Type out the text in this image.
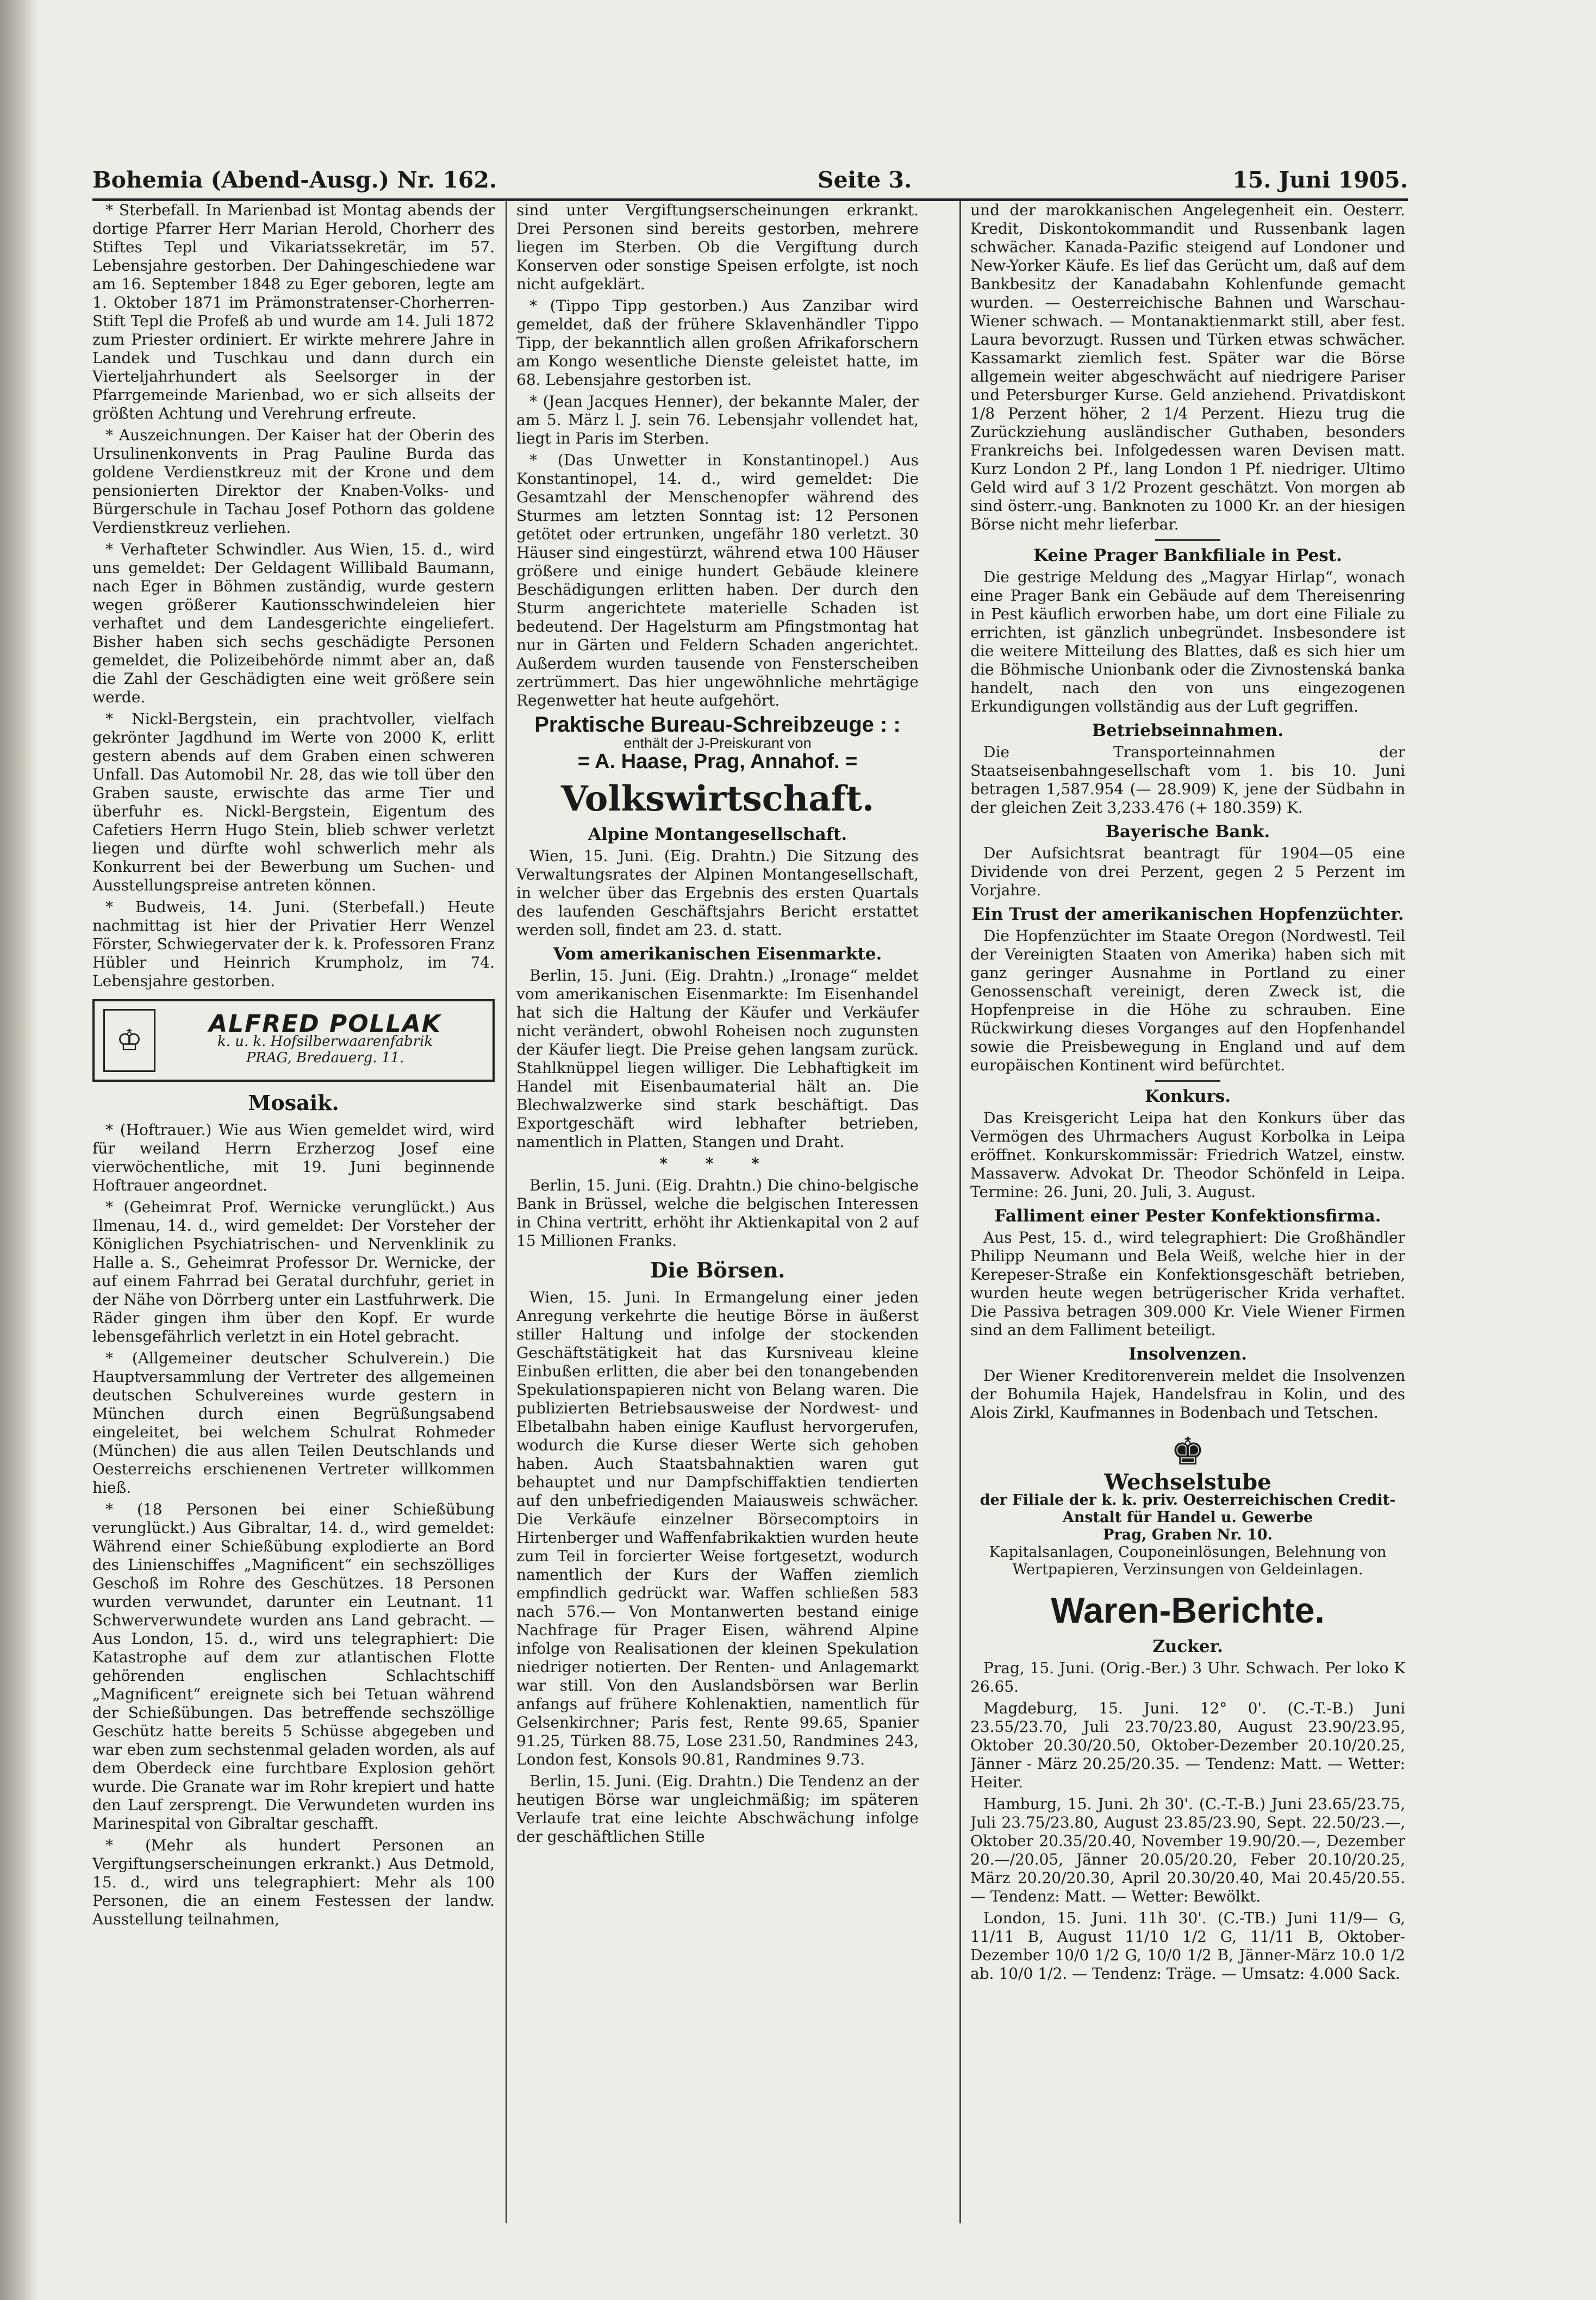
Bohemia (Abend-Ausg.) Nr. 162.	Seite 3.	15. Juni 1905.

* Sterbefall. In Marienbad ist Montag abends der dortige Pfarrer Herr Marian Herold, Chorherr des Stiftes Tepl und Vikariatssekretär, im 57. Lebensjahre gestorben. Der Dahingeschiedene war am 16. September 1848 zu Eger geboren, legte am 1. Oktober 1871 im Prämonstratenser-Chorherren-Stift Tepl die Profeß ab und wurde am 14. Juli 1872 zum Priester ordiniert. Er wirkte mehrere Jahre in Landek und Tuschkau und dann durch ein Vierteljahrhundert als Seelsorger in der Pfarrgemeinde Marienbad, wo er sich allseits der größten Achtung und Verehrung erfreute.

* Auszeichnungen. Der Kaiser hat der Oberin des Ursulinenkonvents in Prag Pauline Burda das goldene Verdienstkreuz mit der Krone und dem pensionierten Direktor der Knaben-Volks- und Bürgerschule in Tachau Josef Pothorn das goldene Verdienstkreuz verliehen.

* Verhafteter Schwindler. Aus Wien, 15. d., wird uns gemeldet: Der Geldagent Willibald Baumann, nach Eger in Böhmen zuständig, wurde gestern wegen größerer Kautionsschwindeleien hier verhaftet und dem Landesgerichte eingeliefert. Bisher haben sich sechs geschädigte Personen gemeldet, die Polizeibehörde nimmt aber an, daß die Zahl der Geschädigten eine weit größere sein werde.

* Nickl-Bergstein, ein prachtvoller, vielfach gekrönter Jagdhund im Werte von 2000 K, erlitt gestern abends auf dem Graben einen schweren Unfall. Das Automobil Nr. 28, das wie toll über den Graben sauste, erwischte das arme Tier und überfuhr es. Nickl-Bergstein, Eigentum des Cafetiers Herrn Hugo Stein, blieb schwer verletzt liegen und dürfte wohl schwerlich mehr als Konkurrent bei der Bewerbung um Suchen- und Ausstellungspreise antreten können.

* Budweis, 14. Juni. (Sterbefall.) Heute nachmittag ist hier der Privatier Herr Wenzel Förster, Schwiegervater der k. k. Professoren Franz Hübler und Heinrich Krumpholz, im 74. Lebensjahre gestorben.

♔	ALFRED POLLAK
k. u. k. Hofsilberwaarenfabrik
PRAG, Bredauerg. 11.

Mosaik.

* (Hoftrauer.) Wie aus Wien gemeldet wird, wird für weiland Herrn Erzherzog Josef eine vierwöchentliche, mit 19. Juni beginnende Hoftrauer angeordnet.

* (Geheimrat Prof. Wernicke verunglückt.) Aus Ilmenau, 14. d., wird gemeldet: Der Vorsteher der Königlichen Psychiatrischen- und Nervenklinik zu Halle a. S., Geheimrat Professor Dr. Wernicke, der auf einem Fahrrad bei Geratal durchfuhr, geriet in der Nähe von Dörrberg unter ein Lastfuhrwerk. Die Räder gingen ihm über den Kopf. Er wurde lebensgefährlich verletzt in ein Hotel gebracht.

* (Allgemeiner deutscher Schulverein.) Die Hauptversammlung der Vertreter des allgemeinen deutschen Schulvereines wurde gestern in München durch einen Begrüßungsabend eingeleitet, bei welchem Schulrat Rohmeder (München) die aus allen Teilen Deutschlands und Oesterreichs erschienenen Vertreter willkommen hieß.

* (18 Personen bei einer Schießübung verunglückt.) Aus Gibraltar, 14. d., wird gemeldet: Während einer Schießübung explodierte an Bord des Linienschiffes „Magnificent“ ein sechszölliges Geschoß im Rohre des Geschützes. 18 Personen wurden verwundet, darunter ein Leutnant. 11 Schwerverwundete wurden ans Land gebracht. — Aus London, 15. d., wird uns telegraphiert: Die Katastrophe auf dem zur atlantischen Flotte gehörenden englischen Schlachtschiff „Magnificent“ ereignete sich bei Tetuan während der Schießübungen. Das betreffende sechszöllige Geschütz hatte bereits 5 Schüsse abgegeben und war eben zum sechstenmal geladen worden, als auf dem Oberdeck eine furchtbare Explosion gehört wurde. Die Granate war im Rohr krepiert und hatte den Lauf zersprengt. Die Verwundeten wurden ins Marinespital von Gibraltar geschafft.

* (Mehr als hundert Personen an Vergiftungserscheinungen erkrankt.) Aus Detmold, 15. d., wird uns telegraphiert: Mehr als 100 Personen, die an einem Festessen der landw. Ausstellung teilnahmen,

sind unter Vergiftungserscheinungen erkrankt. Drei Personen sind bereits gestorben, mehrere liegen im Sterben. Ob die Vergiftung durch Konserven oder sonstige Speisen erfolgte, ist noch nicht aufgeklärt.

* (Tippo Tipp gestorben.) Aus Zanzibar wird gemeldet, daß der frühere Sklavenhändler Tippo Tipp, der bekanntlich allen großen Afrikaforschern am Kongo wesentliche Dienste geleistet hatte, im 68. Lebensjahre gestorben ist.

* (Jean Jacques Henner), der bekannte Maler, der am 5. März l. J. sein 76. Lebensjahr vollendet hat, liegt in Paris im Sterben.

* (Das Unwetter in Konstantinopel.) Aus Konstantinopel, 14. d., wird gemeldet: Die Gesamtzahl der Menschenopfer während des Sturmes am letzten Sonntag ist: 12 Personen getötet oder ertrunken, ungefähr 180 verletzt. 30 Häuser sind eingestürzt, während etwa 100 Häuser größere und einige hundert Gebäude kleinere Beschädigungen erlitten haben. Der durch den Sturm angerichtete materielle Schaden ist bedeutend. Der Hagelsturm am Pfingstmontag hat nur in Gärten und Feldern Schaden angerichtet. Außerdem wurden tausende von Fensterscheiben zertrümmert. Das hier ungewöhnliche mehrtägige Regenwetter hat heute aufgehört.

Praktische Bureau-Schreibzeuge : :
enthält der J-Preiskurant von
= A. Haase, Prag, Annahof. =

Volkswirtschaft.

Alpine Montangesellschaft.

Wien, 15. Juni. (Eig. Drahtn.) Die Sitzung des Verwaltungsrates der Alpinen Montangesellschaft, in welcher über das Ergebnis des ersten Quartals des laufenden Geschäftsjahrs Bericht erstattet werden soll, findet am 23. d. statt.

Vom amerikanischen Eisenmarkte.

Berlin, 15. Juni. (Eig. Drahtn.) „Ironage“ meldet vom amerikanischen Eisenmarkte: Im Eisenhandel hat sich die Haltung der Käufer und Verkäufer nicht verändert, obwohl Roheisen noch zugunsten der Käufer liegt. Die Preise gehen langsam zurück. Stahlknüppel liegen williger. Die Lebhaftigkeit im Handel mit Eisenbaumaterial hält an. Die Blechwalzwerke sind stark beschäftigt. Das Exportgeschäft wird lebhafter betrieben, namentlich in Platten, Stangen und Draht.

* * *

Berlin, 15. Juni. (Eig. Drahtn.) Die chino-belgische Bank in Brüssel, welche die belgischen Interessen in China vertritt, erhöht ihr Aktienkapital von 2 auf 15 Millionen Franks.

Die Börsen.

Wien, 15. Juni. In Ermangelung einer jeden Anregung verkehrte die heutige Börse in äußerst stiller Haltung und infolge der stockenden Geschäftstätigkeit hat das Kursniveau kleine Einbußen erlitten, die aber bei den tonangebenden Spekulationspapieren nicht von Belang waren. Die publizierten Betriebsausweise der Nordwest- und Elbetalbahn haben einige Kauflust hervorgerufen, wodurch die Kurse dieser Werte sich gehoben haben. Auch Staatsbahnaktien waren gut behauptet und nur Dampfschiffaktien tendierten auf den unbefriedigenden Maiausweis schwächer. Die Verkäufe einzelner Börsecomptoirs in Hirtenberger und Waffenfabrikaktien wurden heute zum Teil in forcierter Weise fortgesetzt, wodurch namentlich der Kurs der Waffen ziemlich empfindlich gedrückt war. Waffen schließen 583 nach 576.— Von Montanwerten bestand einige Nachfrage für Prager Eisen, während Alpine infolge von Realisationen der kleinen Spekulation niedriger notierten. Der Renten- und Anlagemarkt war still. Von den Auslandsbörsen war Berlin anfangs auf frühere Kohlenaktien, namentlich für Gelsenkirchner; Paris fest, Rente 99.65, Spanier 91.25, Türken 88.75, Lose 231.50, Randmines 243, London fest, Konsols 90.81, Randmines 9.73.

Berlin, 15. Juni. (Eig. Drahtn.) Die Tendenz an der heutigen Börse war ungleichmäßig; im späteren Verlaufe trat eine leichte Abschwächung infolge der geschäftlichen Stille

und der marokkanischen Angelegenheit ein. Oesterr. Kredit, Diskontokommandit und Russenbank lagen schwächer. Kanada-Pazific steigend auf Londoner und New-Yorker Käufe. Es lief das Gerücht um, daß auf dem Bankbesitz der Kanadabahn Kohlenfunde gemacht wurden. — Oesterreichische Bahnen und Warschau-Wiener schwach. — Montanaktienmarkt still, aber fest. Laura bevorzugt. Russen und Türken etwas schwächer. Kassamarkt ziemlich fest. Später war die Börse allgemein weiter abgeschwächt auf niedrigere Pariser und Petersburger Kurse. Geld anziehend. Privatdiskont 1/8 Perzent höher, 2 1/4 Perzent. Hiezu trug die Zurückziehung ausländischer Guthaben, besonders Frankreichs bei. Infolgedessen waren Devisen matt. Kurz London 2 Pf., lang London 1 Pf. niedriger. Ultimo Geld wird auf 3 1/2 Prozent geschätzt. Von morgen ab sind österr.-ung. Banknoten zu 1000 Kr. an der hiesigen Börse nicht mehr lieferbar.

Keine Prager Bankfiliale in Pest.

Die gestrige Meldung des „Magyar Hirlap“, wonach eine Prager Bank ein Gebäude auf dem Thereisenring in Pest käuflich erworben habe, um dort eine Filiale zu errichten, ist gänzlich unbegründet. Insbesondere ist die weitere Mitteilung des Blattes, daß es sich hier um die Böhmische Unionbank oder die Zivnostenská banka handelt, nach den von uns eingezogenen Erkundigungen vollständig aus der Luft gegriffen.

Betriebseinnahmen.

Die Transporteinnahmen der Staatseisenbahngesellschaft vom 1. bis 10. Juni betragen 1,587.954 (— 28.909) K, jene der Südbahn in der gleichen Zeit 3,233.476 (+ 180.359) K.

Bayerische Bank.

Der Aufsichtsrat beantragt für 1904—05 eine Dividende von drei Perzent, gegen 2 5 Perzent im Vorjahre.

Ein Trust der amerikanischen Hopfenzüchter.

Die Hopfenzüchter im Staate Oregon (Nordwestl. Teil der Vereinigten Staaten von Amerika) haben sich mit ganz geringer Ausnahme in Portland zu einer Genossenschaft vereinigt, deren Zweck ist, die Hopfenpreise in die Höhe zu schrauben. Eine Rückwirkung dieses Vorganges auf den Hopfenhandel sowie die Preisbewegung in England und auf dem europäischen Kontinent wird befürchtet.

Konkurs.

Das Kreisgericht Leipa hat den Konkurs über das Vermögen des Uhrmachers August Korbolka in Leipa eröffnet. Konkurskommissär: Friedrich Watzel, einstw. Massaverw. Advokat Dr. Theodor Schönfeld in Leipa. Termine: 26. Juni, 20. Juli, 3. August.

Falliment einer Pester Konfektionsfirma.

Aus Pest, 15. d., wird telegraphiert: Die Großhändler Philipp Neumann und Bela Weiß, welche hier in der Kerepeser-Straße ein Konfektionsgeschäft betrieben, wurden heute wegen betrügerischer Krida verhaftet. Die Passiva betragen 309.000 Kr. Viele Wiener Firmen sind an dem Falliment beteiligt.

Insolvenzen.

Der Wiener Kreditorenverein meldet die Insolvenzen der Bohumila Hajek, Handelsfrau in Kolin, und des Alois Zirkl, Kaufmannes in Bodenbach und Tetschen.

♚
Wechselstube
der Filiale der k. k. priv. Oesterreichischen Credit-Anstalt für Handel u. Gewerbe
Prag, Graben Nr. 10.
Kapitalsanlagen, Couponeinlösungen, Belehnung von Wertpapieren, Verzinsungen von Geldeinlagen.

Waren-Berichte.

Zucker.

Prag, 15. Juni. (Orig.-Ber.) 3 Uhr. Schwach. Per loko K 26.65.

Magdeburg, 15. Juni. 12° 0'. (C.-T.-B.) Juni 23.55/23.70, Juli 23.70/23.80, August 23.90/23.95, Oktober 20.30/20.50, Oktober-Dezember 20.10/20.25, Jänner - März 20.25/20.35. — Tendenz: Matt. — Wetter: Heiter.

Hamburg, 15. Juni. 2h 30'. (C.-T.-B.) Juni 23.65/23.75, Juli 23.75/23.80, August 23.85/23.90, Sept. 22.50/23.—, Oktober 20.35/20.40, November 19.90/20.—, Dezember 20.—/20.05, Jänner 20.05/20.20, Feber 20.10/20.25, März 20.20/20.30, April 20.30/20.40, Mai 20.45/20.55. — Tendenz: Matt. — Wetter: Bewölkt.

London, 15. Juni. 11h 30'. (C.-TB.) Juni 11/9— G, 11/11 B, August 11/10 1/2 G, 11/11 B, Oktober-Dezember 10/0 1/2 G, 10/0 1/2 B, Jänner-März 10.0 1/2 ab. 10/0 1/2. — Tendenz: Träge. — Umsatz: 4.000 Sack.
